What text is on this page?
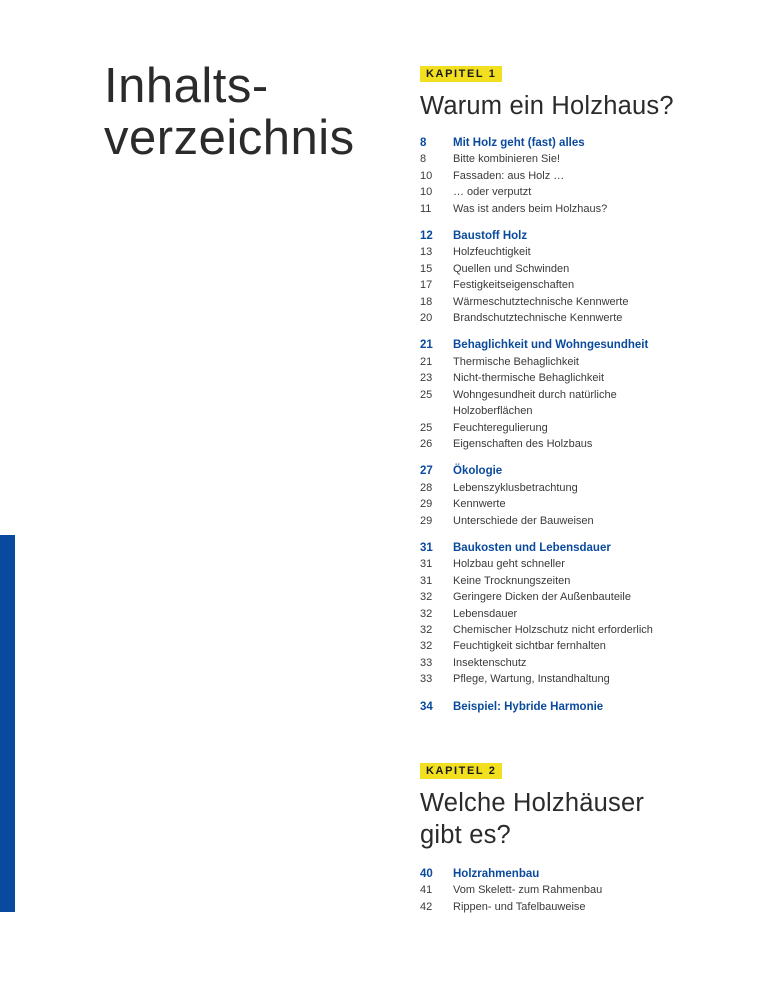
Inhalts-
verzeichnis
KAPITEL 1
Warum ein Holzhaus?
8	Mit Holz geht (fast) alles
8	Bitte kombinieren Sie!
10	Fassaden: aus Holz …
10	… oder verputzt
11	Was ist anders beim Holzhaus?
12	Baustoff Holz
13	Holzfeuchtigkeit
15	Quellen und Schwinden
17	Festigkeitseigenschaften
18	Wärmeschutztechnische Kennwerte
20	Brandschutztechnische Kennwerte
21	Behaglichkeit und Wohngesundheit
21	Thermische Behaglichkeit
23	Nicht-thermische Behaglichkeit
25	Wohngesundheit durch natürliche
Holzoberflächen
25	Feuchteregulierung
26	Eigenschaften des Holzbaus
27	Ökologie
28	Lebenszyklusbetrachtung
29	Kennwerte
29	Unterschiede der Bauweisen
31	Baukosten und Lebensdauer
31	Holzbau geht schneller
31	Keine Trocknungszeiten
32	Geringere Dicken der Außenbauteile
32	Lebensdauer
32	Chemischer Holzschutz nicht erforderlich
32	Feuchtigkeit sichtbar fernhalten
33	Insektenschutz
33	Pflege, Wartung, Instandhaltung
34	Beispiel: Hybride Harmonie
KAPITEL 2
Welche Holzhäuser
gibt es?
40	Holzrahmenbau
41	Vom Skelett- zum Rahmenbau
42	Rippen- und Tafelbauweise
